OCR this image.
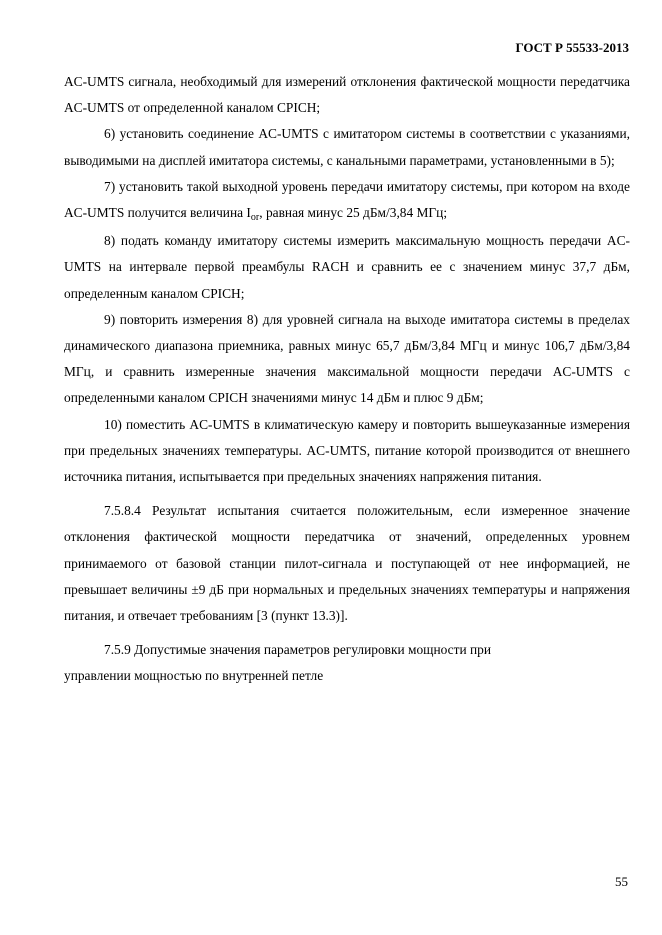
ГОСТ Р 55533-2013

AC-UMTS сигнала, необходимый для измерений отклонения фактической мощности передатчика AC-UMTS от определенной каналом CPICH;

6) установить соединение AC-UMTS с имитатором системы в соответствии с указаниями, выводимыми на дисплей имитатора системы, с канальными параметрами, установленными в 5);

7) установить такой выходной уровень передачи имитатору системы, при котором на входе AC-UMTS получится величина $I_{or}$, равная минус 25 дБм/3,84 МГц;

8) подать команду имитатору системы измерить максимальную мощность передачи AC-UMTS на интервале первой преамбулы RACH и сравнить ее с значением минус 37,7 дБм, определенным каналом CPICH;

9) повторить измерения 8) для уровней сигнала на выходе имитатора системы в пределах динамического диапазона приемника, равных минус 65,7 дБм/3,84 МГц и минус 106,7 дБм/3,84 МГц, и сравнить измеренные значения максимальной мощности передачи AC-UMTS с определенными каналом CPICH значениями минус 14 дБм и плюс 9 дБм;

10) поместить AC-UMTS в климатическую камеру и повторить вышеуказанные измерения при предельных значениях температуры. AC-UMTS, питание которой производится от внешнего источника питания, испытывается при предельных значениях напряжения питания.

7.5.8.4 Результат испытания считается положительным, если измеренное значение отклонения фактической мощности передатчика от значений, определенных уровнем принимаемого от базовой станции пилот-сигнала и поступающей от нее информацией, не превышает величины ±9 дБ при нормальных и предельных значениях температуры и напряжения питания, и отвечает требованиям [3 (пункт 13.3)].

7.5.9 Допустимые значения параметров регулировки мощности при

управлении мощностью по внутренней петле

55
